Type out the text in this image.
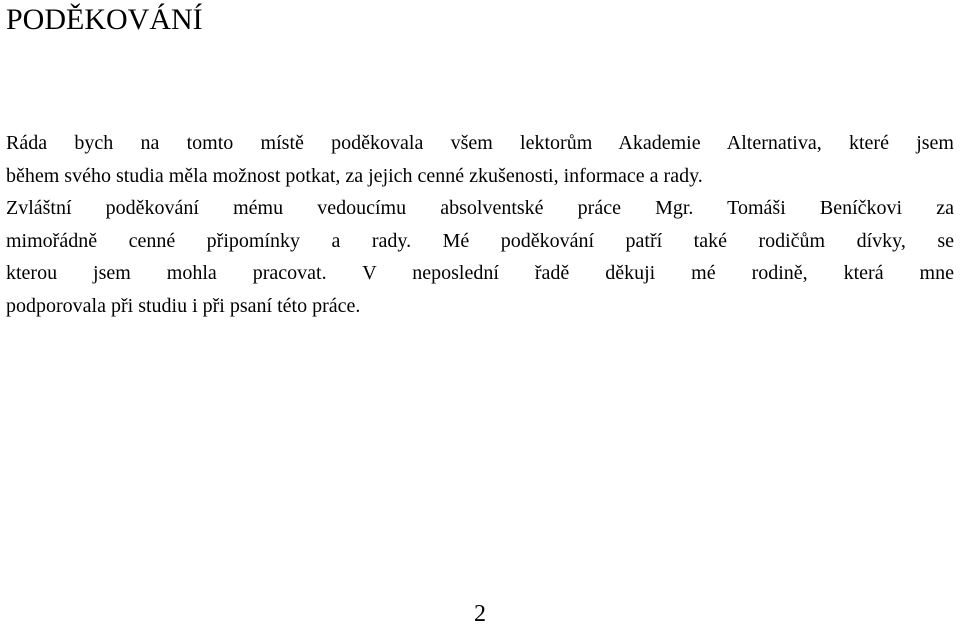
PODĚKOVÁNÍ
Ráda bych na tomto místě poděkovala všem lektorům Akademie Alternativa, které jsem
během svého studia měla možnost potkat, za jejich cenné zkušenosti, informace a rady.
Zvláštní poděkování mému vedoucímu absolventské práce Mgr. Tomáši Beníčkovi za
mimořádně cenné připomínky a rady. Mé poděkování patří také rodičům dívky, se
kterou jsem mohla pracovat. V neposlední řadě děkuji mé rodině, která mne
podporovala při studiu i při psaní této práce.
2
